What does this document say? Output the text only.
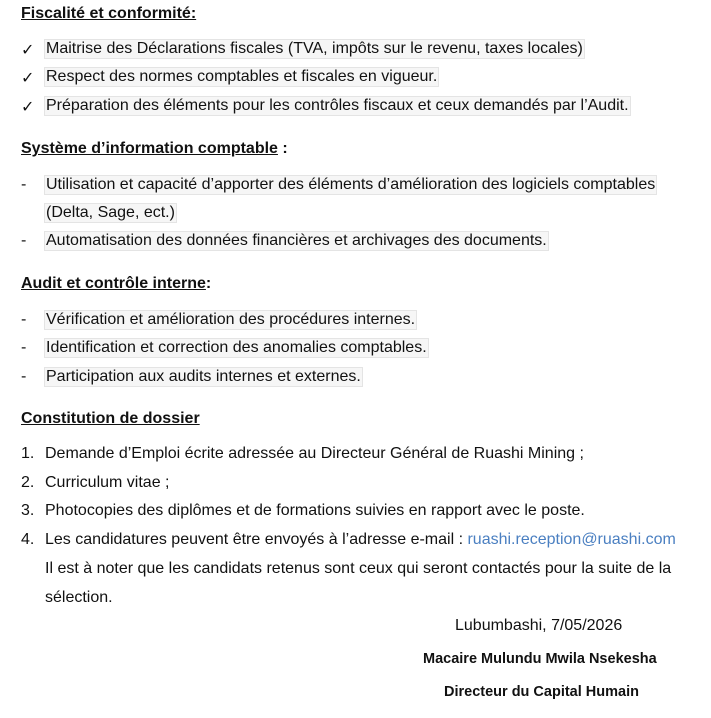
Fiscalité et conformité:
✓ Maitrise des Déclarations fiscales (TVA, impôts sur le revenu, taxes locales)
✓ Respect des normes comptables et fiscales en vigueur.
✓ Préparation des éléments pour les contrôles fiscaux et ceux demandés par l’Audit.
Système d’information comptable :
- Utilisation et capacité d’apporter des éléments d’amélioration des logiciels comptables
(Delta, Sage, ect.)
- Automatisation des données financières et archivages des documents.
Audit et contrôle interne:
- Vérification et amélioration des procédures internes.
- Identification et correction des anomalies comptables.
- Participation aux audits internes et externes.
Constitution de dossier
1. Demande d’Emploi écrite adressée au Directeur Général de Ruashi Mining ;
2. Curriculum vitae ;
3. Photocopies des diplômes et de formations suivies en rapport avec le poste.
4. Les candidatures peuvent être envoyés à l’adresse e-mail : ruashi.reception@ruashi.com
Il est à noter que les candidats retenus sont ceux qui seront contactés pour la suite de la
sélection.
Lubumbashi, 7/05/2026
Macaire Mulundu Mwila Nsekesha
Directeur du Capital Humain
